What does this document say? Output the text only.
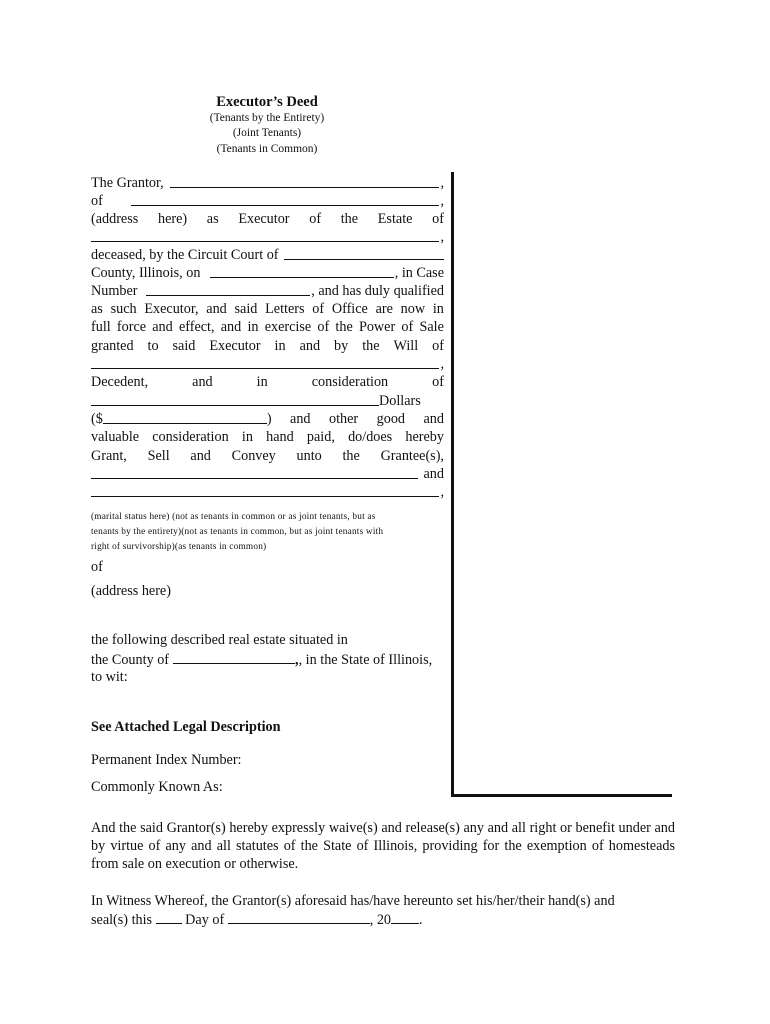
Executor’s Deed
(Tenants by the Entirety)
(Joint Tenants)
(Tenants in Common)
The Grantor,	,
of	,
(address here) as Executor of the Estate of
,
deceased, by the Circuit Court of
County, Illinois, on	, in Case
Number	, and has duly qualified
as such Executor, and said Letters of Office are now in
full force and effect, and in exercise of the Power of Sale
granted to said Executor in and by the Will of
,
Decedent,	and	in	consideration	of
Dollars
($	) and other good and
valuable consideration in hand paid, do/does hereby
Grant, Sell and Convey unto the Grantee(s),
and
,
(marital status here) (not as tenants in common or as joint tenants, but as
tenants by the entirety)(not as tenants in common, but as joint tenants with
right of survivorship)(as tenants in common)
of
(address here)
the following described real estate situated in
the County of	,, in the State of Illinois,
to wit:
See Attached Legal Description
Permanent Index Number:
Commonly Known As:
And the said Grantor(s) hereby expressly waive(s) and release(s) any and all right or benefit under and by virtue of any and all statutes of the State of Illinois, providing for the exemption of homesteads from sale on execution or otherwise.
In Witness Whereof, the Grantor(s) aforesaid has/have hereunto set his/her/their hand(s) and
seal(s) this Day of	, 20 .
